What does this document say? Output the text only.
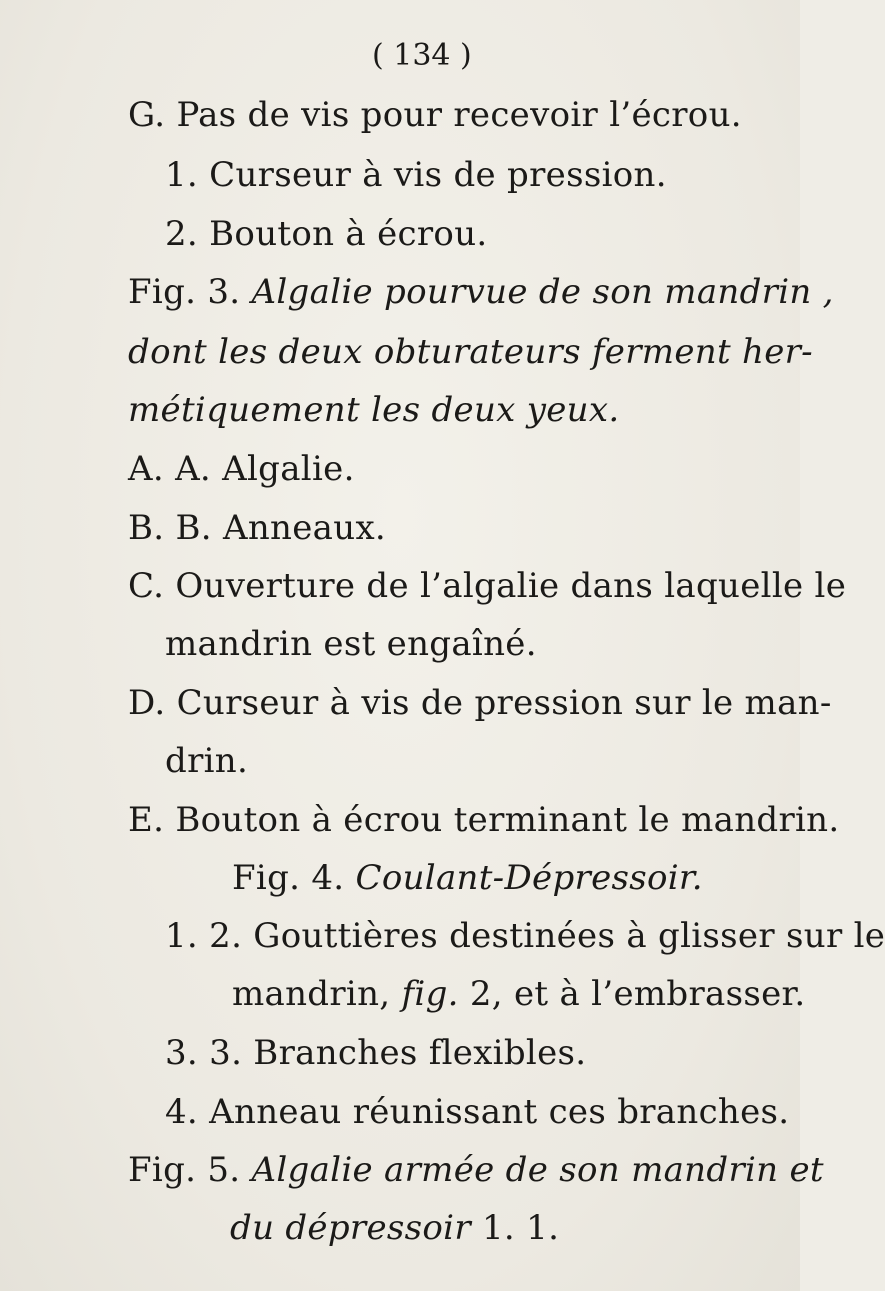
( 134 )
G. Pas de vis pour recevoir l’écrou.
1. Curseur à vis de pression.
2. Bouton à écrou.
Fig. 3. Algalie pourvue de son mandrin ,
dont les deux obturateurs ferment her-
métiquement les deux yeux.
A. A. Algalie.
B. B. Anneaux.
C. Ouverture de l’algalie dans laquelle le
mandrin est engaîné.
D. Curseur à vis de pression sur le man-
drin.
E. Bouton à écrou terminant le mandrin.
Fig. 4. Coulant-Dépressoir.
1. 2. Gouttières destinées à glisser sur le
mandrin, fig. 2, et à l’embrasser.
3. 3. Branches flexibles.
4. Anneau réunissant ces branches.
Fig. 5. Algalie armée de son mandrin et
du dépressoir 1. 1.
